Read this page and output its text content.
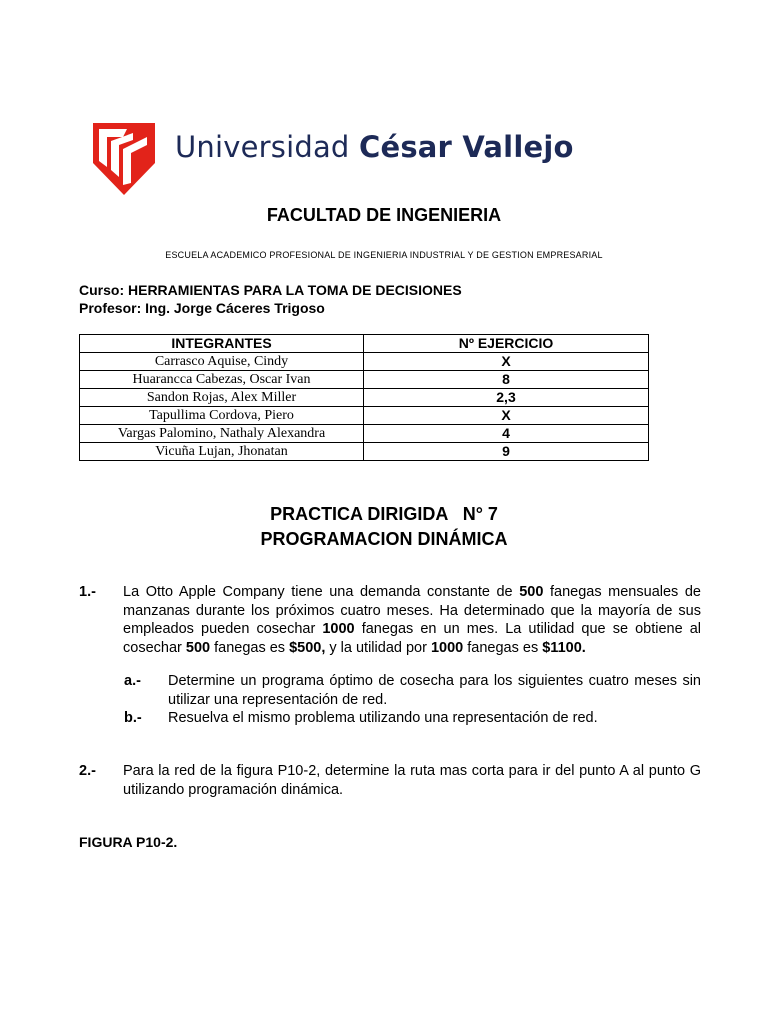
Universidad César Vallejo
FACULTAD DE INGENIERIA
ESCUELA ACADEMICO PROFESIONAL DE INGENIERIA INDUSTRIAL Y DE GESTION EMPRESARIAL
Curso: HERRAMIENTAS PARA LA TOMA DE DECISIONES
Profesor: Ing. Jorge Cáceres Trigoso
INTEGRANTES	Nº EJERCICIO
Carrasco Aquise, Cindy	X
Huarancca Cabezas, Oscar Ivan	8
Sandon Rojas, Alex Miller	2,3
Tapullima Cordova, Piero	X
Vargas Palomino, Nathaly Alexandra	4
Vicuña Lujan, Jhonatan	9
PRACTICA DIRIGIDA   N° 7
PROGRAMACION DINÁMICA
1.- La Otto Apple Company tiene una demanda constante de 500 fanegas mensuales de manzanas durante los próximos cuatro meses. Ha determinado que la mayoría de sus empleados pueden cosechar 1000 fanegas en un mes. La utilidad que se obtiene al cosechar 500 fanegas es $500, y la utilidad por 1000 fanegas es $1100.
a.- Determine un programa óptimo de cosecha para los siguientes cuatro meses sin utilizar una representación de red.
b.- Resuelva el mismo problema utilizando una representación de red.
2.- Para la red de la figura P10-2, determine la ruta mas corta para ir del punto A al punto G utilizando programación dinámica.
FIGURA P10-2.
